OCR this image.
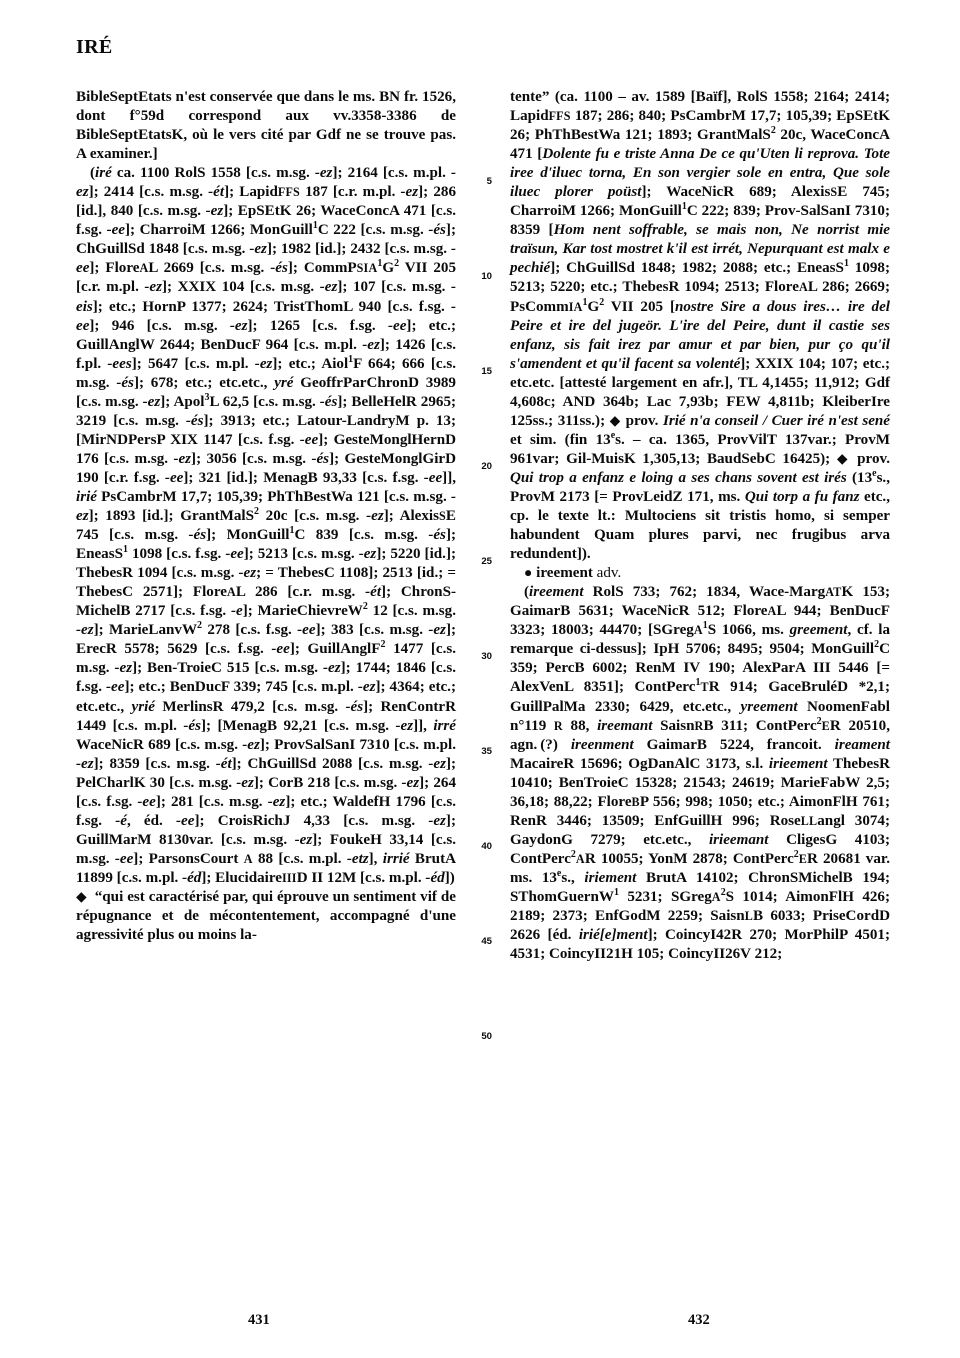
IRÉ
5
10
15
20
25
30
35
40
45
50

BibleSeptEtats n'est conservée que dans le ms. BN fr. 1526, dont f°59d correspond aux vv.3358-3386 de BibleSeptEtatsK, où le vers cité par Gdf ne se trouve pas. A examiner.]

(iré ca. 1100 RolS 1558 [c.s. m.sg. -ez]; 2164 [c.s. m.pl. -ez]; 2414 [c.s. m.sg. -ét]; LapidFFS 187 [c.r. m.pl. -ez]; 286 [id.], 840 [c.s. m.sg. -ez]; EpSEtK 26; WaceConcA 471 [c.s. f.sg. -ee]; CharroiM 1266; MonGuill$^1$C 222 [c.s. m.sg. -és]; ChGuillSd 1848 [c.s. m.sg. -ez]; 1982 [id.]; 2432 [c.s. m.sg. -ee]; FloreAL 2669 [c.s. m.sg. -és]; $CommPSIA^1G^2$ VII 205 [c.r. m.pl. -ez]; XXIX 104 [c.s. m.sg. -ez]; 107 [c.s. m.sg. -eis]; etc.; HornP 1377; 2624; TristThomL 940 [c.s. f.sg. -ee]; 946 [c.s. m.sg. -ez]; 1265 [c.s. f.sg. -ee]; etc.; GuillAnglW 2644; BenDucF 964 [c.s. m.pl. -ez]; 1426 [c.s. f.pl. -ees]; 5647 [c.s. m.pl. -ez]; etc.; Aiol$^1$F 664; 666 [c.s. m.sg. -és]; 678; etc.; etc.etc., yré GeoffrParChronD 3989 [c.s. m.sg. -ez]; Apol$^3$L 62,5 [c.s. m.sg. -és]; BelleHelR 2965; 3219 [c.s. m.sg. -és]; 3913; etc.; Latour-LandryM p. 13; [MirNDPersP XIX 1147 [c.s. f.sg. -ee]; GesteMonglHernD 176 [c.s. m.sg. -ez]; 3056 [c.s. m.sg. -és]; GesteMonglGirD 190 [c.r. f.sg. -ee]; 321 [id.]; MenagB 93,33 [c.s. f.sg. -ee]], irié PsCambrM 17,7; 105,39; PhThBestWa 121 [c.s. m.sg. -ez]; 1893 [id.]; GrantMalS$^2$ 20c [c.s. m.sg. -ez]; AlexisSE 745 [c.s. m.sg. -és]; MonGuill$^1$C 839 [c.s. m.sg. -és]; EneasS$^1$ 1098 [c.s. f.sg. -ee]; 5213 [c.s. m.sg. -ez]; 5220 [id.]; ThebesR 1094 [c.s. m.sg. -ez; = ThebesC 1108]; 2513 [id.; = ThebesC 2571]; FloreAL 286 [c.r. m.sg. -ét]; ChronS-MichelB 2717 [c.s. f.sg. -e]; MarieChievreW$^2$ 12 [c.s. m.sg. -ez]; MarieLanvW$^2$ 278 [c.s. f.sg. -ee]; 383 [c.s. m.sg. -ez]; ErecR 5578; 5629 [c.s. f.sg. -ee]; GuillAnglF$^2$ 1477 [c.s. m.sg. -ez]; Ben-TroieC 515 [c.s. m.sg. -ez]; 1744; 1846 [c.s. f.sg. -ee]; etc.; BenDucF 339; 745 [c.s. m.pl. -ez]; 4364; etc.; etc.etc., yrié MerlinsR 479,2 [c.s. m.sg. -és]; RenContrR 1449 [c.s. m.pl. -és]; [MenagB 92,21 [c.s. m.sg. -ez]], irré WaceNicR 689 [c.s. m.sg. -ez]; ProvSalSanI 7310 [c.s. m.pl. -ez]; 8359 [c.s. m.sg. -ét]; ChGuillSd 2088 [c.s. m.sg. -ez]; PelCharlK 30 [c.s. m.sg. -ez]; CorB 218 [c.s. m.sg. -ez]; 264 [c.s. f.sg. -ee]; 281 [c.s. m.sg. -ez]; etc.; WaldefH 1796 [c.s. f.sg. -é, éd. -ee]; CroisRichJ 4,33 [c.s. m.sg. -ez]; GuillMarM 8130var. [c.s. m.sg. -ez]; FoukeH 33,14 [c.s. m.sg. -ee]; ParsonsCourt A 88 [c.s. m.pl. -etz], irrié BrutA 11899 [c.s. m.pl. -éd]; ElucidaireIIID II 12M [c.s. m.pl. -éd])

◆   “qui est caractérisé par, qui éprouve un sentiment vif de répugnance et de mécontentement, accompagné d'une agressivité plus ou moins la-

tente” (ca. 1100 – av. 1589 [Baïf], RolS 1558; 2164; 2414; LapidFFS 187; 286; 840; PsCambrM 17,7; 105,39; EpSEtK 26; PhThBestWa 121; 1893; GrantMalS$^2$ 20c, WaceConcA 471 [Dolente fu e triste Anna De ce qu'Uten li reprova. Tote iree d'iluec torna, En son vergier sole en entra, Que sole iluec plorer poüst]; WaceNicR 689; AlexisSE 745; CharroiM 1266; MonGuill$^1$C 222; 839; Prov-SalSanI 7310; 8359 [Hom nent soffrable, se mais non, Ne norrist mie traïsun, Kar tost mostret k'il est irrét, Nepurquant est malx e pechié]; ChGuillSd 1848; 1982; 2088; etc.; EneasS$^1$ 1098; 5213; 5220; etc.; ThebesR 1094; 2513; FloreAL 286; 2669; $PsCommIA^1G^2$ VII 205 [nostre Sire a dous ires… ire del Peire et ire del jugeör. L'ire del Peire, dunt il castie ses enfanz, sis fait irez par amur et par bien, pur ço qu'il s'amendent et qu'il facent sa volenté]; XXIX 104; 107; etc.; etc.etc. [attesté largement en afr.], TL 4,1455; 11,912; Gdf 4,608c; AND 364b; Lac 7,93b; FEW 4,811b; KleiberIre 125ss.; 311ss.); ◆ prov. Irié n'a conseil / Cuer iré n'est sené et sim. (fin 13es. – ca. 1365, ProvVilT 137var.; ProvM 961var; Gil-MuisK 1,305,13; BaudSebC 16425); ◆ prov. Qui trop a enfanz e loing a ses chans sovent est irés (13es., ProvM 2173 [= ProvLeidZ 171, ms. Qui torp a fu fanz etc., cp. le texte lt.: Multociens sit tristis homo, si semper habundent Quam plures parvi, nec frugibus arva redundent]).

●  ireement adv.

(ireement RolS 733; 762; 1834, Wace-MargATK 153; GaimarB 5631; WaceNicR 512; FloreAL 944; BenDucF 3323; 18003; 44470; [SGregA$^1$S 1066, ms. greement, cf. la remarque ci-dessus]; IpH 5706; 8495; 9504; MonGuill$^2$C 359; PercB 6002; RenM IV 190; AlexParA III 5446 [= AlexVenL 8351]; ContPerc$^1$TR 914; GaceBruléD *2,1; GuillPalMa 2330; 6429, etc.etc., yreement NoomenFabl n°119 R 88, ireemant SaisnRB 311; ContPerc$^2$ER 20510, agn. (?) ireenment GaimarB 5224, francoit. ireament MacaireR 15696; OgDanAlC 3173, s.l. irieement ThebesR 10410; BenTroieC 15328; 21543; 24619; MarieFabW 2,5; 36,18; 88,22; FloreBP 556; 998; 1050; etc.; AimonFlH 761; RenR 3446; 13509; EnfGuillH 996; RoseLLangl 3074; GaydonG 7279; etc.etc., irieemant CligesG 4103; ContPerc$^2$AR 10055; YonM 2878; ContPerc$^2$ER 20681 var. ms. 13es., iriement BrutA 14102; ChronSMichelB 194; SThomGuernW$^1$ 5231; SGregA$^2$S 1014; AimonFlH 426; 2189; 2373; EnfGodM 2259; SaisnLB 6033; PriseCordD 2626 [éd. irié[e]ment]; CoincyI42R 270; MorPhilP 4501; 4531; CoincyII21H 105; CoincyII26V 212;

431	432
